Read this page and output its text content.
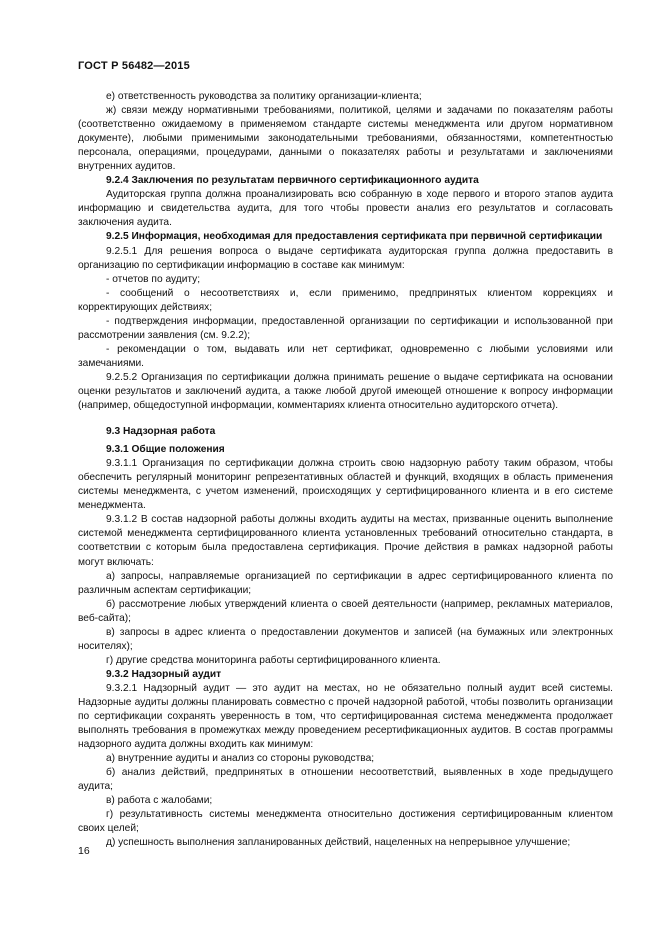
ГОСТ Р 56482—2015

е) ответственность руководства за политику организации-клиента;

ж) связи между нормативными требованиями, политикой, целями и задачами по показателям работы (соответственно ожидаемому в применяемом стандарте системы менеджмента или другом нормативном документе), любыми применимыми законодательными требованиями, обязанностями, компетентностью персонала, операциями, процедурами, данными о показателях работы и результатами и заключениями внутренних аудитов.

9.2.4 Заключения по результатам первичного сертификационного аудита

Аудиторская группа должна проанализировать всю собранную в ходе первого и второго этапов аудита информацию и свидетельства аудита, для того чтобы провести анализ его результатов и согласовать заключения аудита.

9.2.5 Информация, необходимая для предоставления сертификата при первичной сертификации

9.2.5.1 Для решения вопроса о выдаче сертификата аудиторская группа должна предоставить в организацию по сертификации информацию в составе как минимум:

- отчетов по аудиту;

- сообщений о несоответствиях и, если применимо, предпринятых клиентом коррекциях и корректирующих действиях;

- подтверждения информации, предоставленной организации по сертификации и использованной при рассмотрении заявления (см. 9.2.2);

- рекомендации о том, выдавать или нет сертификат, одновременно с любыми условиями или замечаниями.

9.2.5.2 Организация по сертификации должна принимать решение о выдаче сертификата на основании оценки результатов и заключений аудита, а также любой другой имеющей отношение к вопросу информации (например, общедоступной информации, комментариях клиента относительно аудиторского отчета).

9.3 Надзорная работа

9.3.1 Общие положения

9.3.1.1 Организация по сертификации должна строить свою надзорную работу таким образом, чтобы обеспечить регулярный мониторинг репрезентативных областей и функций, входящих в область применения системы менеджмента, с учетом изменений, происходящих у сертифицированного клиента и в его системе менеджмента.

9.3.1.2 В состав надзорной работы должны входить аудиты на местах, призванные оценить выполнение системой менеджмента сертифицированного клиента установленных требований относительно стандарта, в соответствии с которым была предоставлена сертификация. Прочие действия в рамках надзорной работы могут включать:

а) запросы, направляемые организацией по сертификации в адрес сертифицированного клиента по различным аспектам сертификации;

б) рассмотрение любых утверждений клиента о своей деятельности (например, рекламных материалов, веб-сайта);

в) запросы в адрес клиента о предоставлении документов и записей (на бумажных или электронных носителях);

г) другие средства мониторинга работы сертифицированного клиента.

9.3.2 Надзорный аудит

9.3.2.1 Надзорный аудит — это аудит на местах, но не обязательно полный аудит всей системы. Надзорные аудиты должны планировать совместно с прочей надзорной работой, чтобы позволить организации по сертификации сохранять уверенность в том, что сертифицированная система менеджмента продолжает выполнять требования в промежутках между проведением ресертификационных аудитов. В состав программы надзорного аудита должны входить как минимум:

а) внутренние аудиты и анализ со стороны руководства;

б) анализ действий, предпринятых в отношении несоответствий, выявленных в ходе предыдущего аудита;

в) работа с жалобами;

г) результативность системы менеджмента относительно достижения сертифицированным клиентом своих целей;

д) успешность выполнения запланированных действий, нацеленных на непрерывное улучшение;

16
